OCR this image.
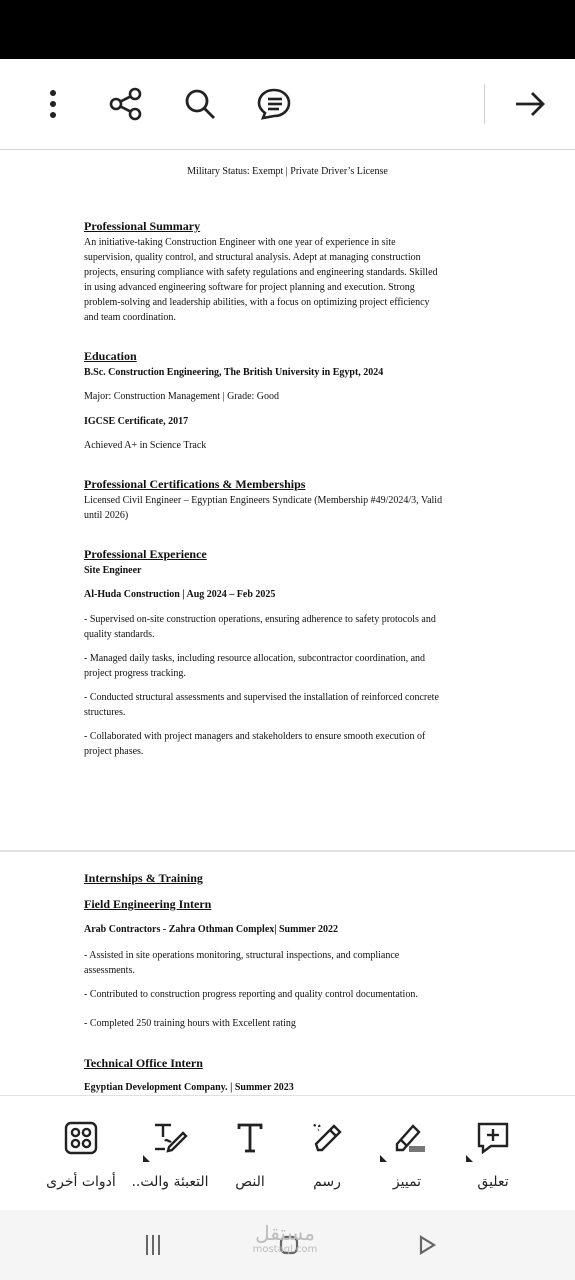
Military Status: Exempt | Private Driver’s License

Professional Summary

An initiative-taking Construction Engineer with one year of experience in site

supervision, quality control, and structural analysis. Adept at managing construction

projects, ensuring compliance with safety regulations and engineering standards. Skilled

in using advanced engineering software for project planning and execution. Strong

problem-solving and leadership abilities, with a focus on optimizing project efficiency

and team coordination.

Education

B.Sc. Construction Engineering, The British University in Egypt, 2024

Major: Construction Management | Grade: Good

IGCSE Certificate, 2017

Achieved A+ in Science Track

Professional Certifications & Memberships

Licensed Civil Engineer – Egyptian Engineers Syndicate (Membership #49/2024/3, Valid

until 2026)

Professional Experience

Site Engineer

Al-Huda Construction | Aug 2024 – Feb 2025

- Supervised on-site construction operations, ensuring adherence to safety protocols and

quality standards.

- Managed daily tasks, including resource allocation, subcontractor coordination, and

project progress tracking.

- Conducted structural assessments and supervised the installation of reinforced concrete

structures.

- Collaborated with project managers and stakeholders to ensure smooth execution of

project phases.

Internships & Training

Field Engineering Intern

Arab Contractors - Zahra Othman Complex| Summer 2022

- Assisted in site operations monitoring, structural inspections, and compliance

assessments.

- Contributed to construction progress reporting and quality control documentation.

- Completed 250 training hours with Excellent rating

Technical Office Intern

Egyptian Development Company. | Summer 2023

أدوات أخرى	التعبئة والت..	النص	رسم	تمييز	تعليق
مستقل
mostaql.com
